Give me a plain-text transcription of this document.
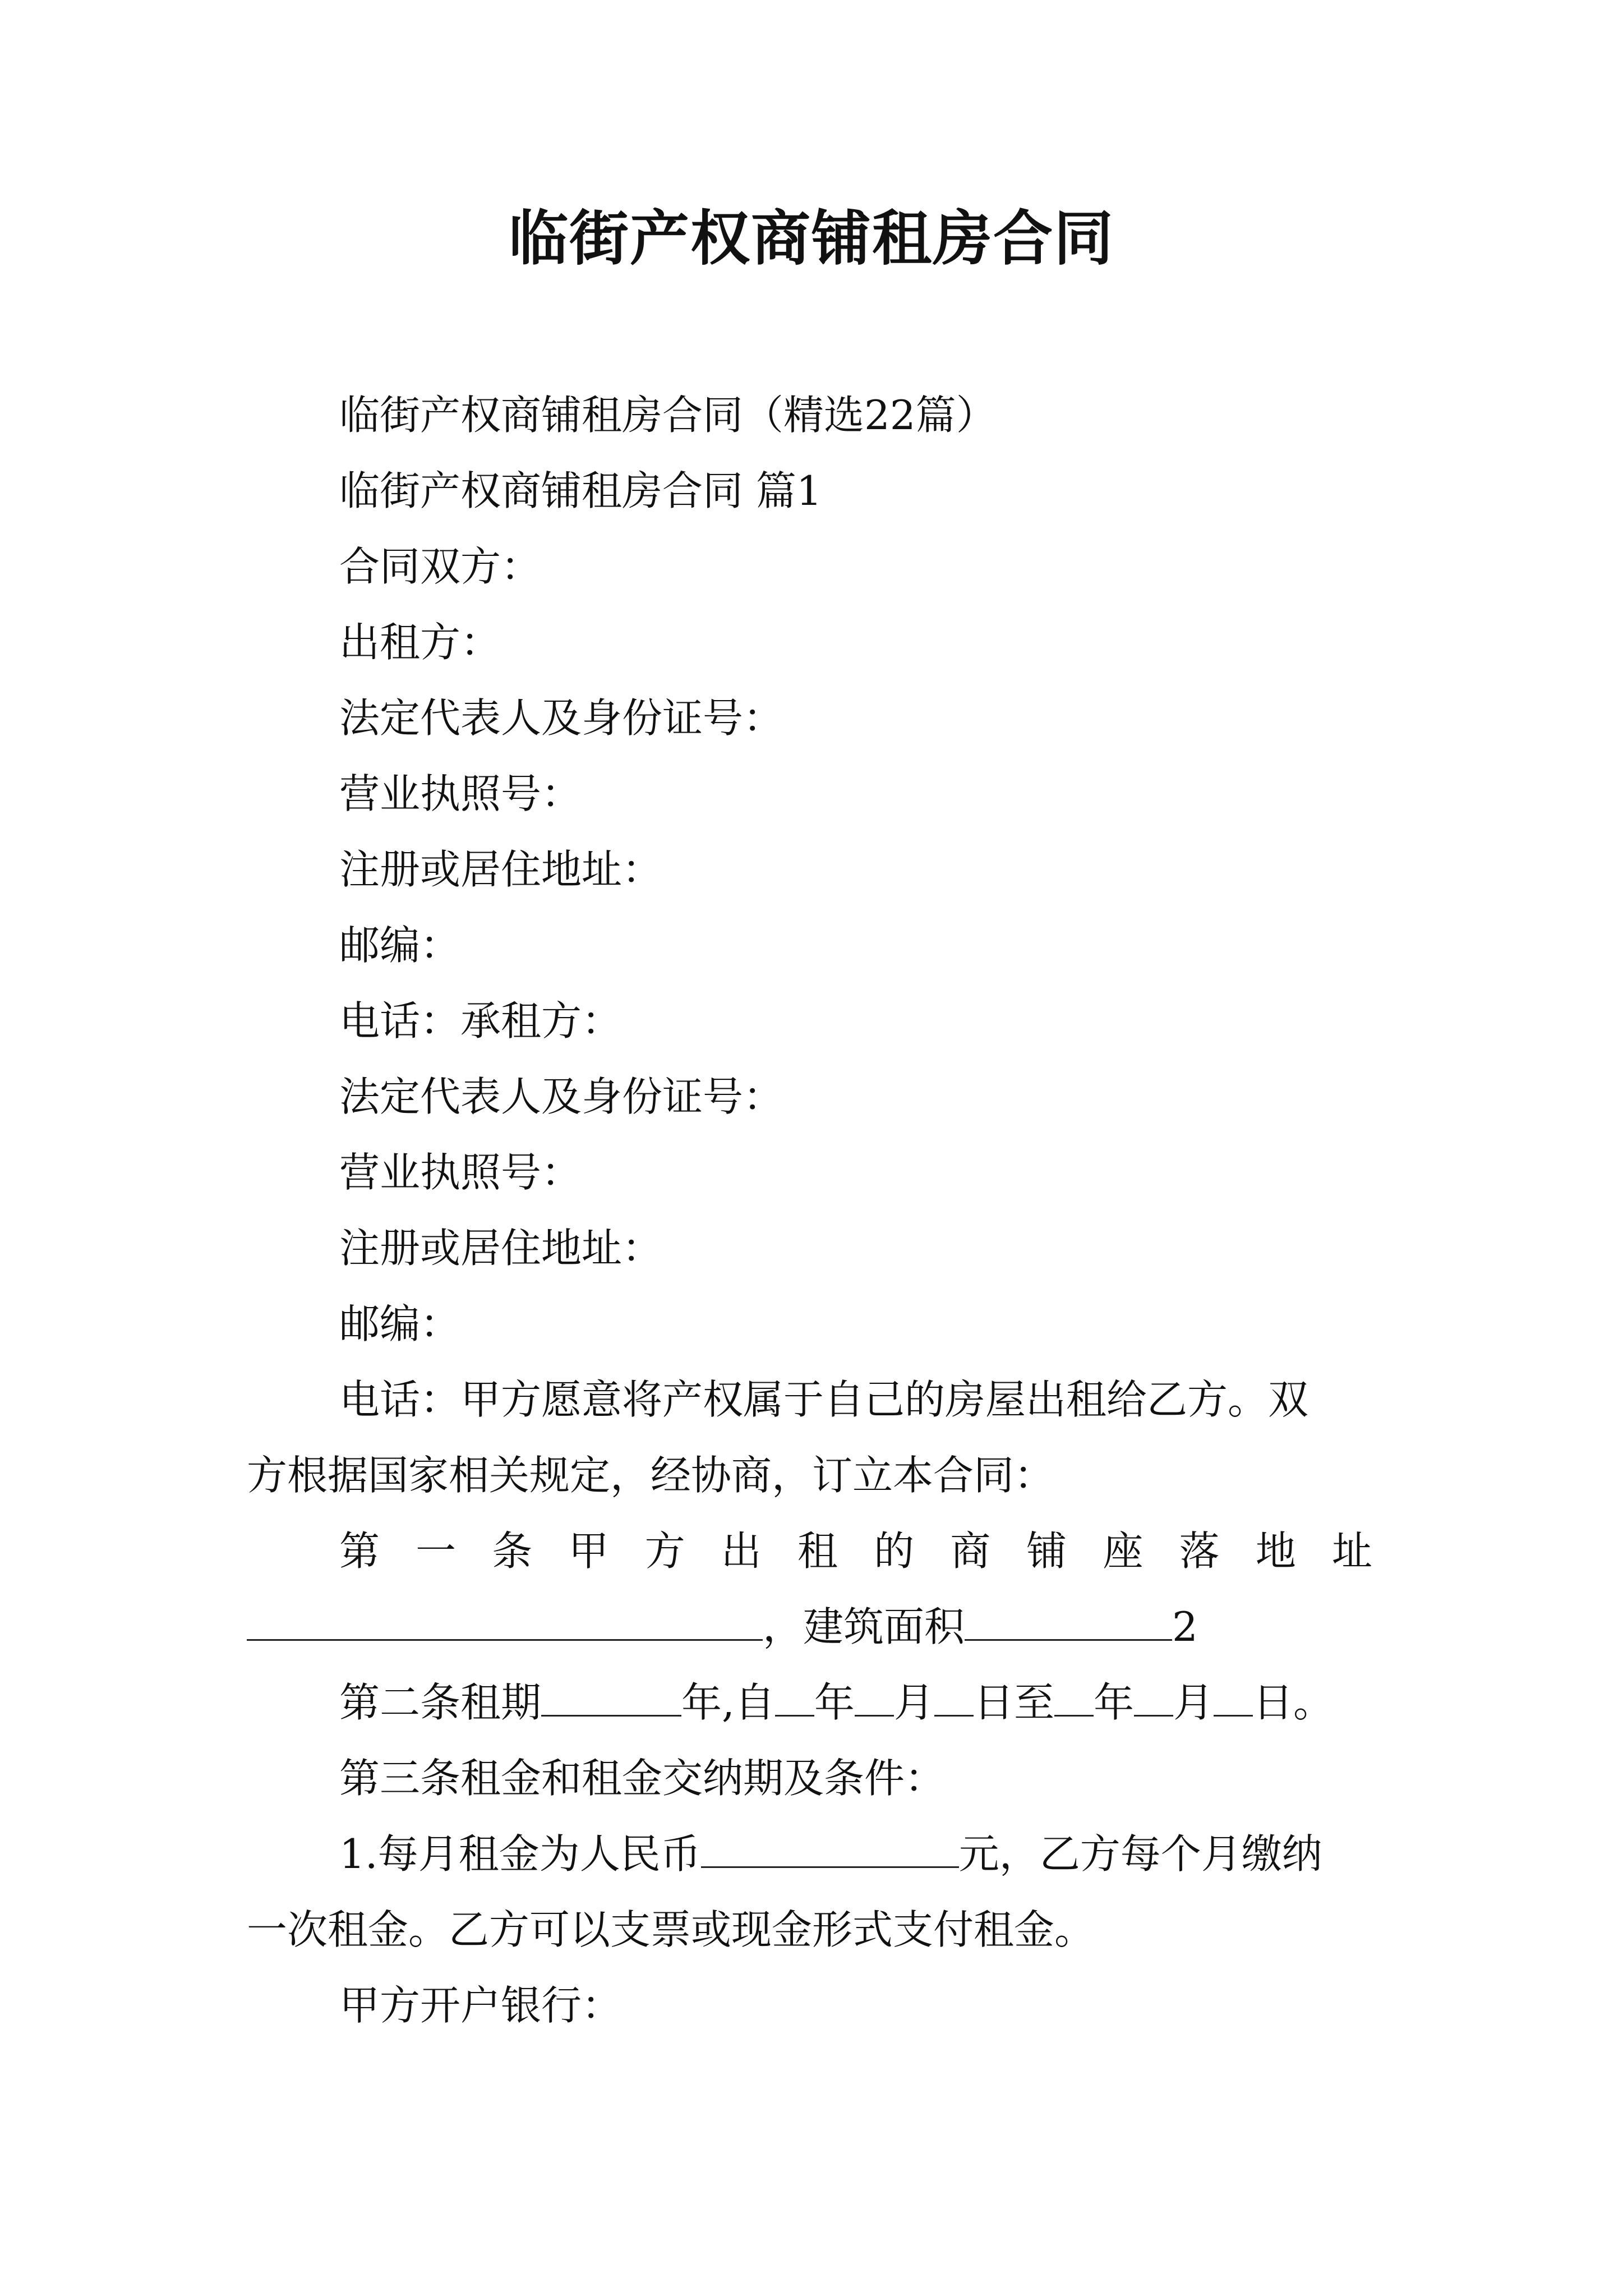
临街产权商铺租房合同
临街产权商铺租房合同（精选22篇）
临街产权商铺租房合同 篇1
合同双方：
出租方：
法定代表人及身份证号：
营业执照号：
注册或居住地址：
邮编：
电话：承租方：
法定代表人及身份证号：
营业执照号：
注册或居住地址：
邮编：
电话：甲方愿意将产权属于自己的房屋出租给乙方。双
方根据国家相关规定，经协商，订立本合同：
第一条甲方出租的商铺座落地址
，建筑面积	2
第二条租期	年,自 年 月 日至 年 月 日。
第三条租金和租金交纳期及条件：
1.每月租金为人民币	元，乙方每个月缴纳
一次租金。乙方可以支票或现金形式支付租金。
甲方开户银行：
